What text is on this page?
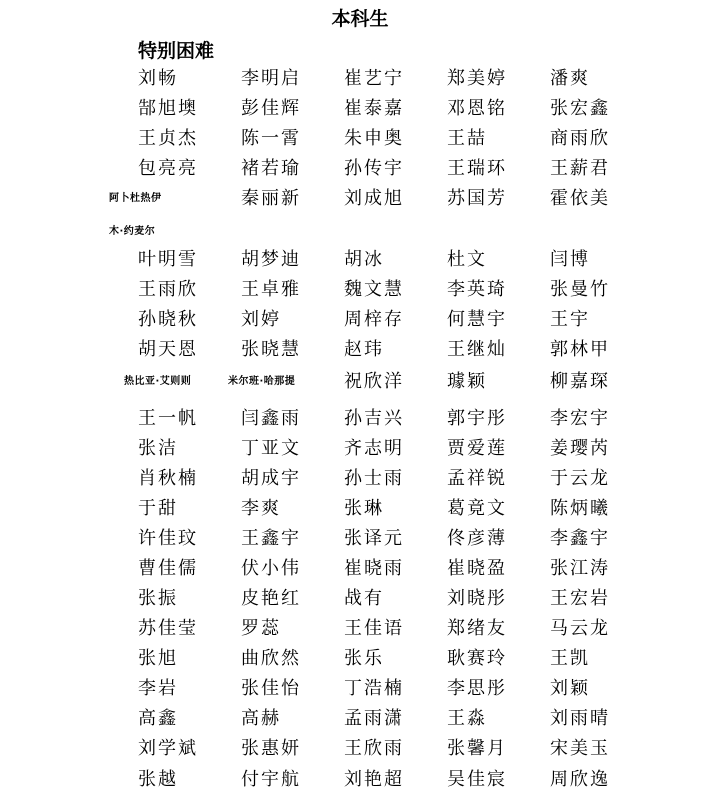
本科生
特别困难
刘畅	李明启 崔艺宁 郑美婷 潘爽
郜旭墺 彭佳辉 崔泰嘉 邓恩铭 张宏鑫
王贞杰 陈一霄 朱申奥 王喆	商雨欣
包亮亮 褚若瑜 孙传宇 王瑞环 王薪君
阿卜杜热伊	秦丽新 刘成旭 苏国芳 霍依美
木·约麦尔
叶明雪 胡梦迪 胡冰	杜文	闫博
王雨欣 王卓雅 魏文慧 李英琦 张曼竹
孙晓秋 刘婷	周梓存 何慧宇 王宇
胡天恩 张晓慧 赵玮	王继灿 郭林甲
热比亚·艾则则	米尔班·哈那提	祝欣洋 璩颖	柳嘉琛
王一帆 闫鑫雨 孙吉兴 郭宇彤 李宏宇
张洁	丁亚文 齐志明 贾爱莲 姜璎芮
肖秋楠 胡成宇 孙士雨 孟祥锐 于云龙
于甜	李爽	张琳	葛竟文 陈炳曦
许佳玟 王鑫宇 张译元 佟彦薄 李鑫宇
曹佳儒 伏小伟 崔晓雨 崔晓盈 张江涛
张振	皮艳红 战有	刘晓彤 王宏岩
苏佳莹 罗蕊	王佳语 郑绪友 马云龙
张旭	曲欣然 张乐	耿赛玲 王凯
李岩	张佳怡 丁浩楠 李思彤 刘颖
高鑫	高赫	孟雨潇 王淼	刘雨晴
刘学斌 张惠妍 王欣雨 张馨月 宋美玉
张越	付宇航 刘艳超 吴佳宸 周欣逸
